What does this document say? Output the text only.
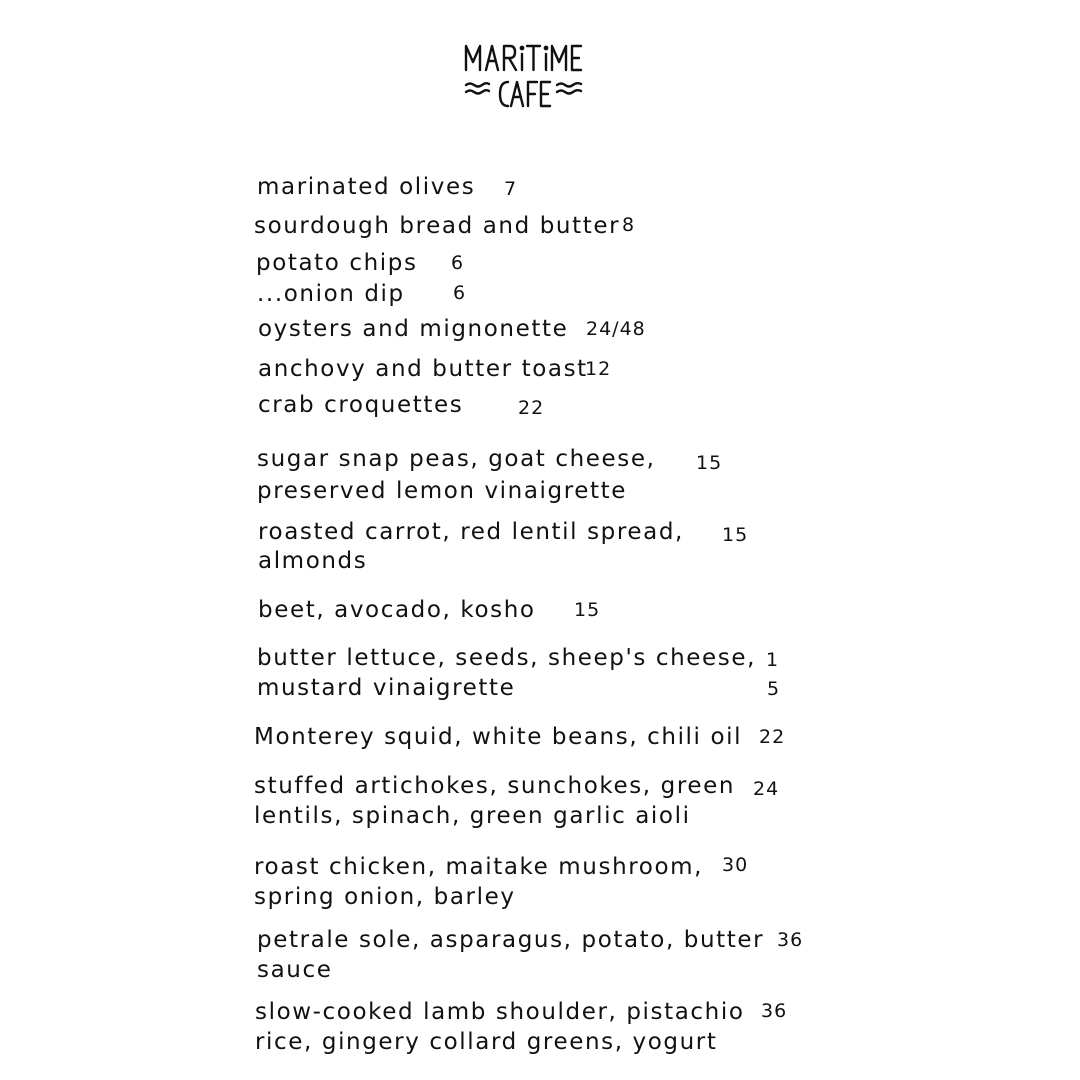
marinated olives 7
sourdough bread and butter 8
potato chips 6
...onion dip	6
oysters and mignonette 24/48
anchovy and butter toast
12
crab croquettes	22
sugar snap peas, goat cheese,
preserved lemon vinaigrette
15
roasted carrot, red lentil spread,
almonds
15
beet, avocado, kosho 15
butter lettuce, seeds, sheep's cheese,
mustard vinaigrette
1
5
Monterey squid, white beans, chili oil 22
stuffed artichokes, sunchokes, green
lentils, spinach, green garlic aioli
24
roast chicken, maitake mushroom,
spring onion, barley
30
petrale sole, asparagus, potato, butter
sauce
36
slow-cooked lamb shoulder, pistachio
rice, gingery collard greens, yogurt
36
